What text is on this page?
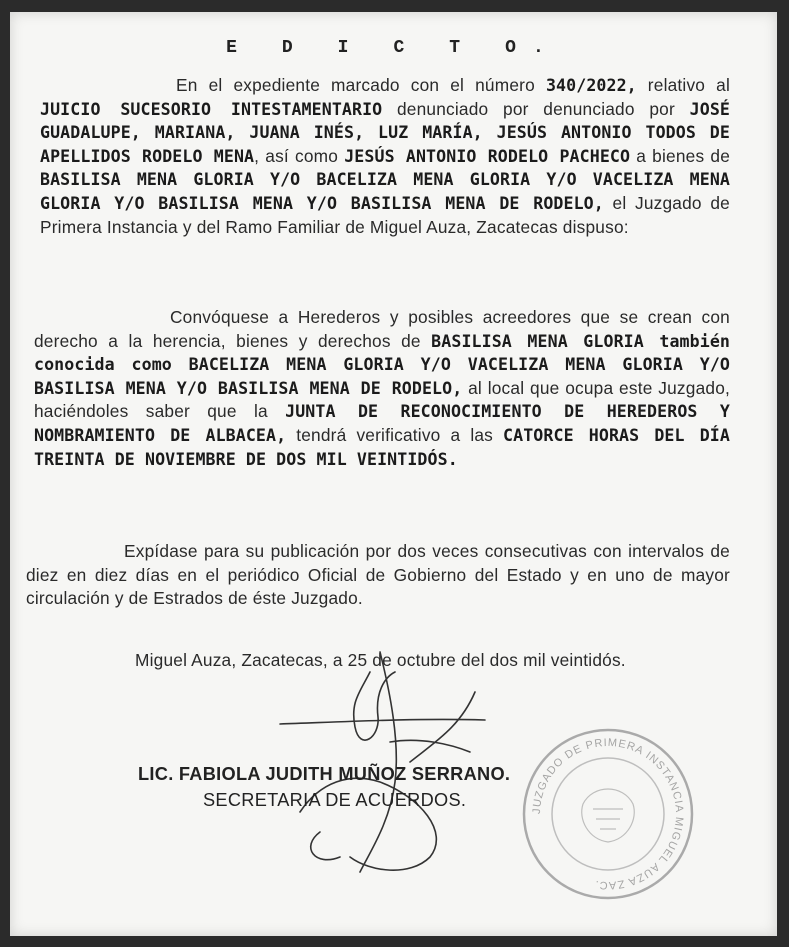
E D I C T O.
En el expediente marcado con el número 340/2022, relativo al JUICIO SUCESORIO INTESTAMENTARIO denunciado por denunciado por JOSÉ GUADALUPE, MARIANA, JUANA INÉS, LUZ MARÍA, JESÚS ANTONIO TODOS DE APELLIDOS RODELO MENA, así como JESÚS ANTONIO RODELO PACHECO a bienes de BASILISA MENA GLORIA Y/O BACELIZA MENA GLORIA Y/O VACELIZA MENA GLORIA Y/O BASILISA MENA Y/O BASILISA MENA DE RODELO, el Juzgado de Primera Instancia y del Ramo Familiar de Miguel Auza, Zacatecas dispuso:
Convóquese a Herederos y posibles acreedores que se crean con derecho a la herencia, bienes y derechos de BASILISA MENA GLORIA también conocida como BACELIZA MENA GLORIA Y/O VACELIZA MENA GLORIA Y/O BASILISA MENA Y/O BASILISA MENA DE RODELO, al local que ocupa este Juzgado, haciéndoles saber que la JUNTA DE RECONOCIMIENTO DE HEREDEROS Y NOMBRAMIENTO DE ALBACEA, tendrá verificativo a las CATORCE HORAS DEL DÍA TREINTA DE NOVIEMBRE DE DOS MIL VEINTIDÓS.
Expídase para su publicación por dos veces consecutivas con intervalos de diez en diez días en el periódico Oficial de Gobierno del Estado y en uno de mayor circulación y de Estrados de éste Juzgado.
Miguel Auza, Zacatecas, a 25 de octubre del dos mil veintidós.
LIC. FABIOLA JUDITH MUÑOZ SERRANO.
SECRETARIA DE ACUERDOS.
JUZGADO DE PRIMERA INSTANCIA MIGUEL AUZA ZAC.
